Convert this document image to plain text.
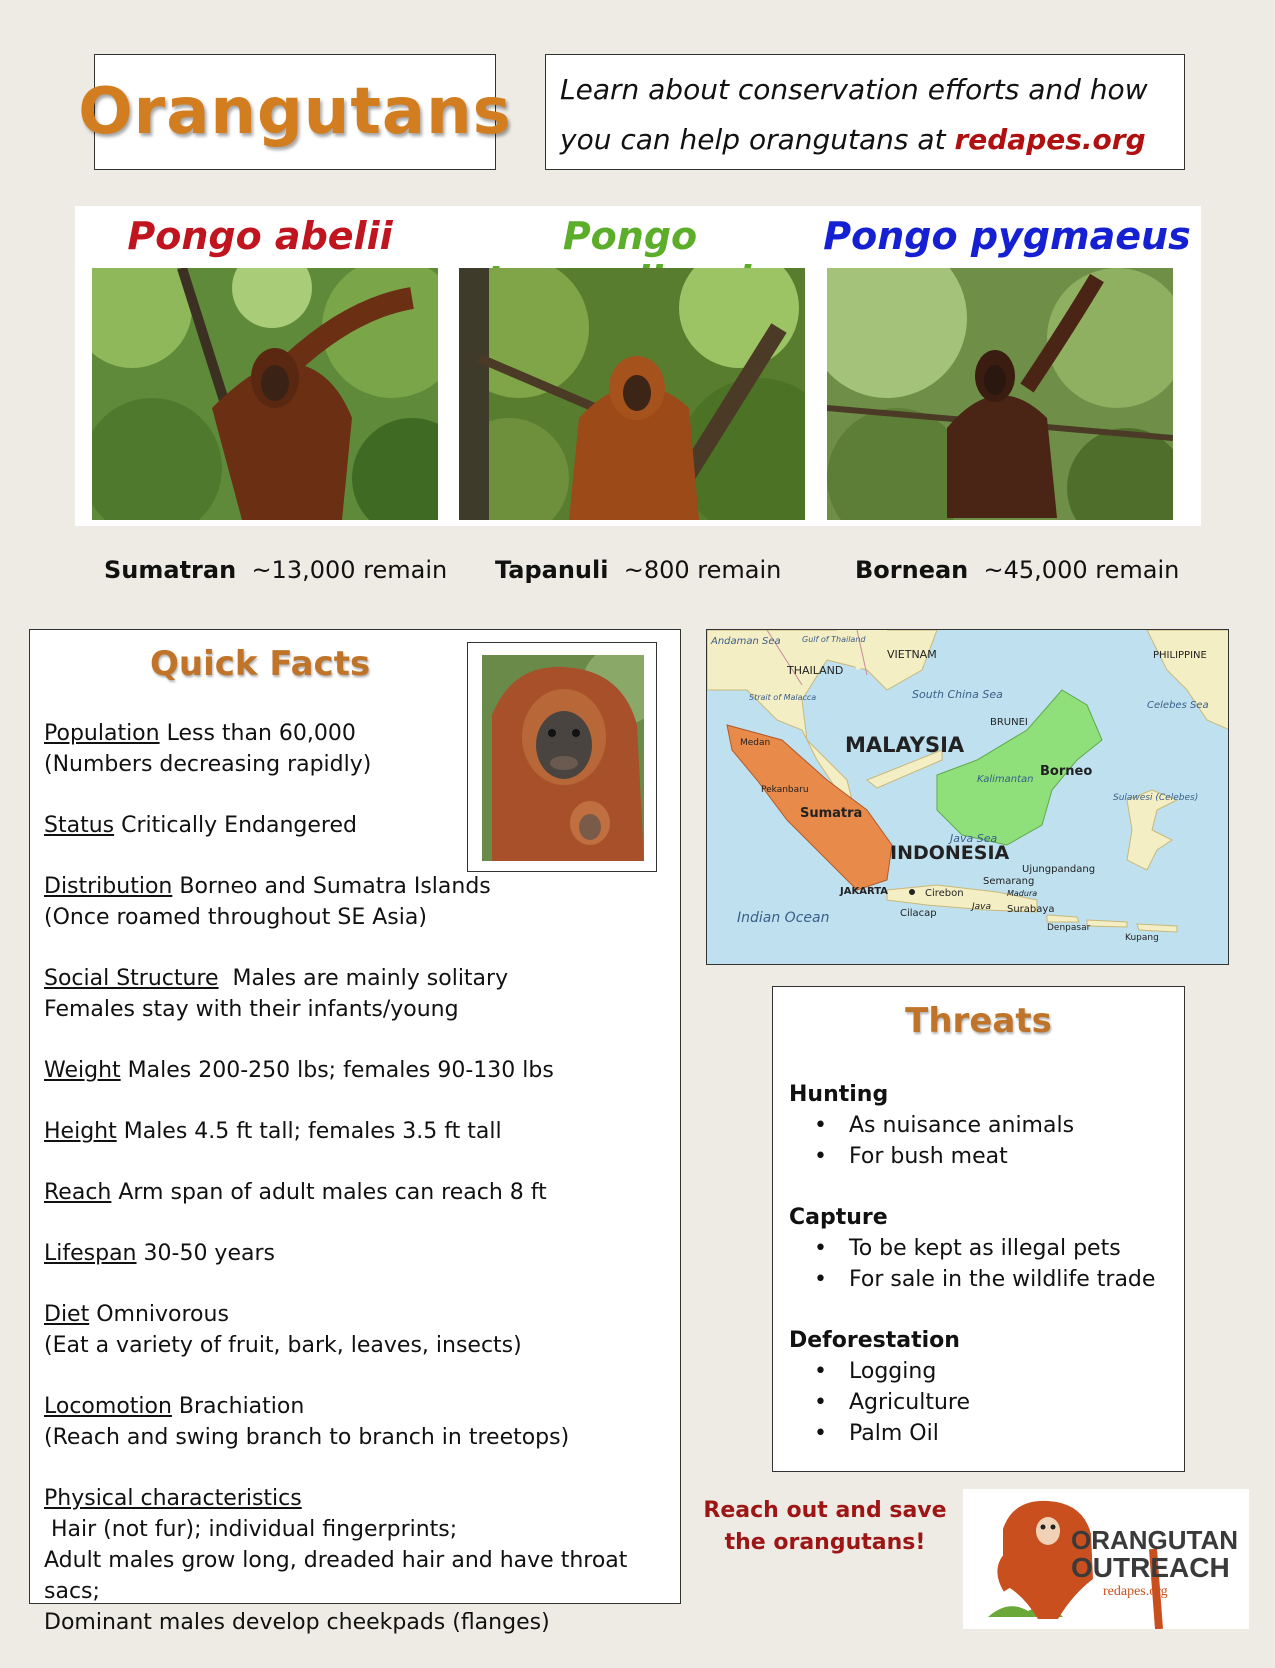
Orangutans	Learn about conservation efforts and how you can help orangutans at redapes.org
Pongo abelii	Pongo	Pongo pygmaeus
Sumatran ~13,000 remain Tapanuli ~800 remain	Bornean ~45,000 remain
Quick Facts
Population Less than 60,000
(Numbers decreasing rapidly)
Status Critically Endangered
Distribution Borneo and Sumatra Islands
(Once roamed throughout SE Asia)
Social Structure  Males are mainly solitary
Females stay with their infants/young
Weight Males 200-250 lbs; females 90-130 lbs
Height Males 4.5 ft tall; females 3.5 ft tall
Reach Arm span of adult males can reach 8 ft
Lifespan 30-50 years
Diet Omnivorous
(Eat a variety of fruit, bark, leaves, insects)
Locomotion Brachiation
(Reach and swing branch to branch in treetops)
Physical characteristics Hair (not fur); individual fingerprints;
Adult males grow long, dreaded hair and have throat sacs;
Dominant males develop cheekpads (flanges)
Andaman Sea	Gulf of Thailand
South China Sea
Celebes Sea
Strait of Malacca
Kalimantan
Java Sea
Indian Ocean
Sulawesi (Celebes)
THAILAND
VIETNAM	PHILIPPINE
BRUNEI
MALAYSIA
Borneo
Medan
Pekanbaru
Sumatra
INDONESIA
Ujungpandang
Semarang
Madura
JAKARTA	Cirebon
Java Surabaya
Cilacap
Denpasar
Kupang
Threats
Hunting
• As nuisance animals
• For bush meat
Capture
• To be kept as illegal pets
• For sale in the wildlife trade
Deforestation
• Logging
• Agriculture
• Palm Oil
Reach out and save
the orangutans!	ORANGUTAN
OUTREACH
redapes.org
